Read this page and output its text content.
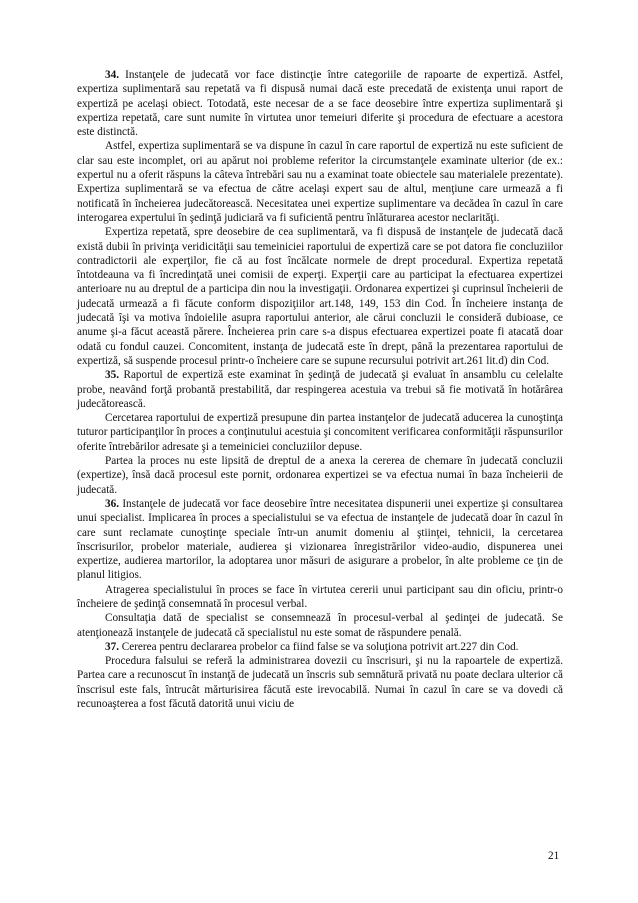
34. Instanţele de judecată vor face distincţie între categoriile de rapoarte de expertiză. Astfel, expertiza suplimentară sau repetată va fi dispusă numai dacă este precedată de existenţa unui raport de expertiză pe acelaşi obiect. Totodată, este necesar de a se face deosebire între expertiza suplimentară şi expertiza repetată, care sunt numite în virtutea unor temeiuri diferite şi procedura de efectuare a acestora este distinctă.

Astfel, expertiza suplimentară se va dispune în cazul în care raportul de expertiză nu este suficient de clar sau este incomplet, ori au apărut noi probleme referitor la circumstanţele examinate ulterior (de ex.: expertul nu a oferit răspuns la câteva întrebări sau nu a examinat toate obiectele sau materialele prezentate). Expertiza suplimentară se va efectua de către acelaşi expert sau de altul, menţiune care urmează a fi notificată în încheierea judecătorească. Necesitatea unei expertize suplimentare va decădea în cazul în care interogarea expertului în şedinţă judiciară va fi suficientă pentru înlăturarea acestor neclarităţi.

Expertiza repetată, spre deosebire de cea suplimentară, va fi dispusă de instanţele de judecată dacă există dubii în privinţa veridicităţii sau temeiniciei raportului de expertiză care se pot datora fie concluziilor contradictorii ale experţilor, fie că au fost încălcate normele de drept procedural. Expertiza repetată întotdeauna va fi încredinţată unei comisii de experţi. Experţii care au participat la efectuarea expertizei anterioare nu au dreptul de a participa din nou la investigaţii. Ordonarea expertizei şi cuprinsul încheierii de judecată urmează a fi făcute conform dispoziţiilor art.148, 149, 153 din Cod. În încheiere instanţa de judecată îşi va motiva îndoielile asupra raportului anterior, ale cărui concluzii le consideră dubioase, ce anume şi-a făcut această părere. Încheierea prin care s-a dispus efectuarea expertizei poate fi atacată doar odată cu fondul cauzei. Concomitent, instanţa de judecată este în drept, până la prezentarea raportului de expertiză, să suspende procesul printr-o încheiere care se supune recursului potrivit art.261 lit.d) din Cod.

35. Raportul de expertiză este examinat în şedinţă de judecată şi evaluat în ansamblu cu celelalte probe, neavând forţă probantă prestabilită, dar respingerea acestuia va trebui să fie motivată în hotărârea judecătorească.

Cercetarea raportului de expertiză presupune din partea instanţelor de judecată aducerea la cunoştinţa tuturor participanţilor în proces a conţinutului acestuia şi concomitent verificarea conformităţii răspunsurilor oferite întrebărilor adresate şi a temeiniciei concluziilor depuse.

Partea la proces nu este lipsită de dreptul de a anexa la cererea de chemare în judecată concluzii (expertize), însă dacă procesul este pornit, ordonarea expertizei se va efectua numai în baza încheierii de judecată.

36. Instanţele de judecată vor face deosebire între necesitatea dispunerii unei expertize şi consultarea unui specialist. Implicarea în proces a specialistului se va efectua de instanţele de judecată doar în cazul în care sunt reclamate cunoştinţe speciale într-un anumit domeniu al ştiinţei, tehnicii, la cercetarea înscrisurilor, probelor materiale, audierea şi vizionarea înregistrărilor video-audio, dispunerea unei expertize, audierea martorilor, la adoptarea unor măsuri de asigurare a probelor, în alte probleme ce ţin de planul litigios.

Atragerea specialistului în proces se face în virtutea cererii unui participant sau din oficiu, printr-o încheiere de şedinţă consemnată în procesul verbal.

Consultaţia dată de specialist se consemnează în procesul-verbal al şedinţei de judecată. Se atenţionează instanţele de judecată că specialistul nu este somat de răspundere penală.

37. Cererea pentru declararea probelor ca fiind false se va soluţiona potrivit art.227 din Cod.

Procedura falsului se referă la administrarea dovezii cu înscrisuri, şi nu la rapoartele de expertiză. Partea care a recunoscut în instanţă de judecată un înscris sub semnătură privată nu poate declara ulterior că înscrisul este fals, întrucât mărturisirea făcută este irevocabilă. Numai în cazul în care se va dovedi că recunoaşterea a fost făcută datorită unui viciu de

21
